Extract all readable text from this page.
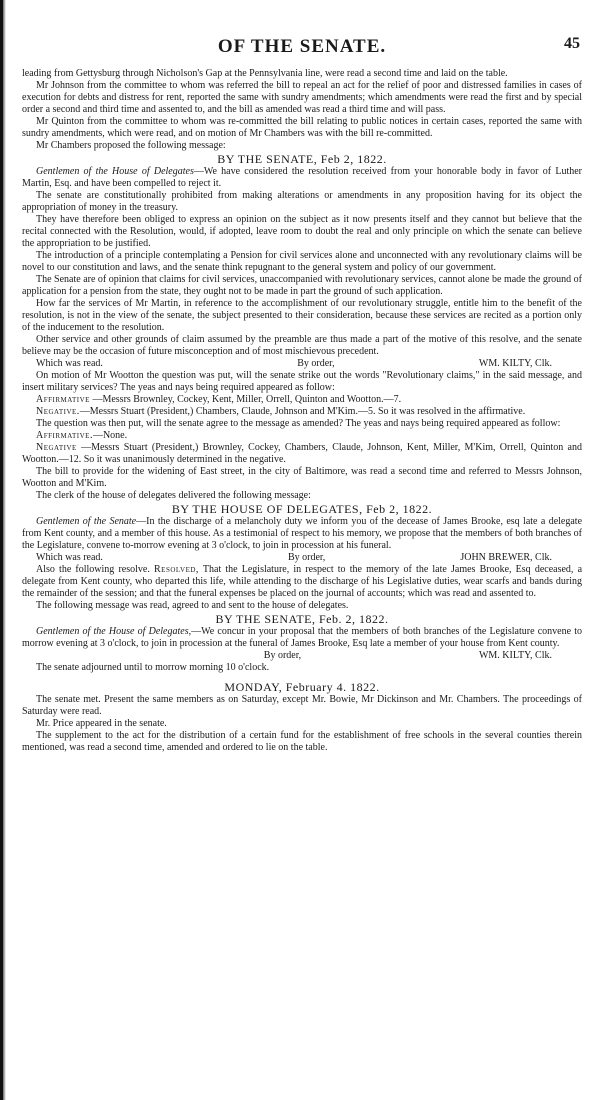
OF THE SENATE.	45

leading from Gettysburg through Nicholson's Gap at the Pennsylvania line, were read a second time and laid on the table.

Mr Johnson from the committee to whom was referred the bill to repeal an act for the relief of poor and distressed families in cases of execution for debts and distress for rent, reported the same with sundry amendments; which amendments were read the first and by special order a second and third time and assented to, and the bill as amended was read a third time and will pass.

Mr Quinton from the committee to whom was re-committed the bill relating to public notices in certain cases, reported the same with sundry amendments, which were read, and on motion of Mr Chambers was with the bill re-committed.

Mr Chambers proposed the following message:

BY THE SENATE, Feb 2, 1822.

Gentlemen of the House of Delegates—We have considered the resolution received from your honorable body in favor of Luther Martin, Esq. and have been compelled to reject it.

The senate are constitutionally prohibited from making alterations or amendments in any proposition having for its object the appropriation of money in the treasury.

They have therefore been obliged to express an opinion on the subject as it now presents itself and they cannot but believe that the recital connected with the Resolution, would, if adopted, leave room to doubt the real and only principle on which the senate can believe the appropriation to be justified.

The introduction of a principle contemplating a Pension for civil services alone and unconnected with any revolutionary claims will be novel to our constitution and laws, and the senate think repugnant to the general system and policy of our government.

The Senate are of opinion that claims for civil services, unaccompanied with revolutionary services, cannot alone be made the ground of application for a pension from the state, they ought not to be made in part the ground of such application.

How far the services of Mr Martin, in reference to the accomplishment of our revolutionary struggle, entitle him to the benefit of the resolution, is not in the view of the senate, the subject presented to their consideration, because these services are recited as a portion only of the inducement to the resolution.

Other service and other grounds of claim assumed by the preamble are thus made a part of the motive of this resolve, and the senate believe may be the occasion of future misconception and of most mischievous precedent.

Which was read.	By order,	WM. KILTY, Clk.

On motion of Mr Wootton the question was put, will the senate strike out the words "Revolutionary claims," in the said message, and insert military services? The yeas and nays being required appeared as follow:

Affirmative —Messrs Brownley, Cockey, Kent, Miller, Orrell, Quinton and Wootton.—7.

Negative.—Messrs Stuart (President,) Chambers, Claude, Johnson and M'Kim.—5. So it was resolved in the affirmative.

The question was then put, will the senate agree to the message as amended? The yeas and nays being required appeared as follow:

Affirmative.—None.

Negative —Messrs Stuart (President,) Brownley, Cockey, Chambers, Claude, Johnson, Kent, Miller, M'Kim, Orrell, Quinton and Wootton.—12. So it was unanimously determined in the negative.

The bill to provide for the widening of East street, in the city of Baltimore, was read a second time and referred to Messrs Johnson, Wootton and M'Kim.

The clerk of the house of delegates delivered the following message:

BY THE HOUSE OF DELEGATES, Feb 2, 1822.

Gentlemen of the Senate—In the discharge of a melancholy duty we inform you of the decease of James Brooke, esq late a delegate from Kent county, and a member of this house. As a testimonial of respect to his memory, we propose that the members of both branches of the Legislature, convene to-morrow evening at 3 o'clock, to join in procession at his funeral.

Which was read.	By order,	JOHN BREWER, Clk.

Also the following resolve. Resolved, That the Legislature, in respect to the memory of the late James Brooke, Esq deceased, a delegate from Kent county, who departed this life, while attending to the discharge of his Legislative duties, wear scarfs and bands during the remainder of the session; and that the funeral expenses be placed on the journal of accounts; which was read and assented to.

The following message was read, agreed to and sent to the house of delegates.

BY THE SENATE, Feb. 2, 1822.

Gentlemen of the House of Delegates,—We concur in your proposal that the members of both branches of the Legislature convene to morrow evening at 3 o'clock, to join in procession at the funeral of James Brooke, Esq late a member of your house from Kent county.

By order,	WM. KILTY, Clk.

The senate adjourned until to morrow morning 10 o'clock.

MONDAY, February 4. 1822.

The senate met. Present the same members as on Saturday, except Mr. Bowie, Mr Dickinson and Mr. Chambers. The proceedings of Saturday were read.

Mr. Price appeared in the senate.

The supplement to the act for the distribution of a certain fund for the establishment of free schools in the several counties therein mentioned, was read a second time, amended and ordered to lie on the table.
